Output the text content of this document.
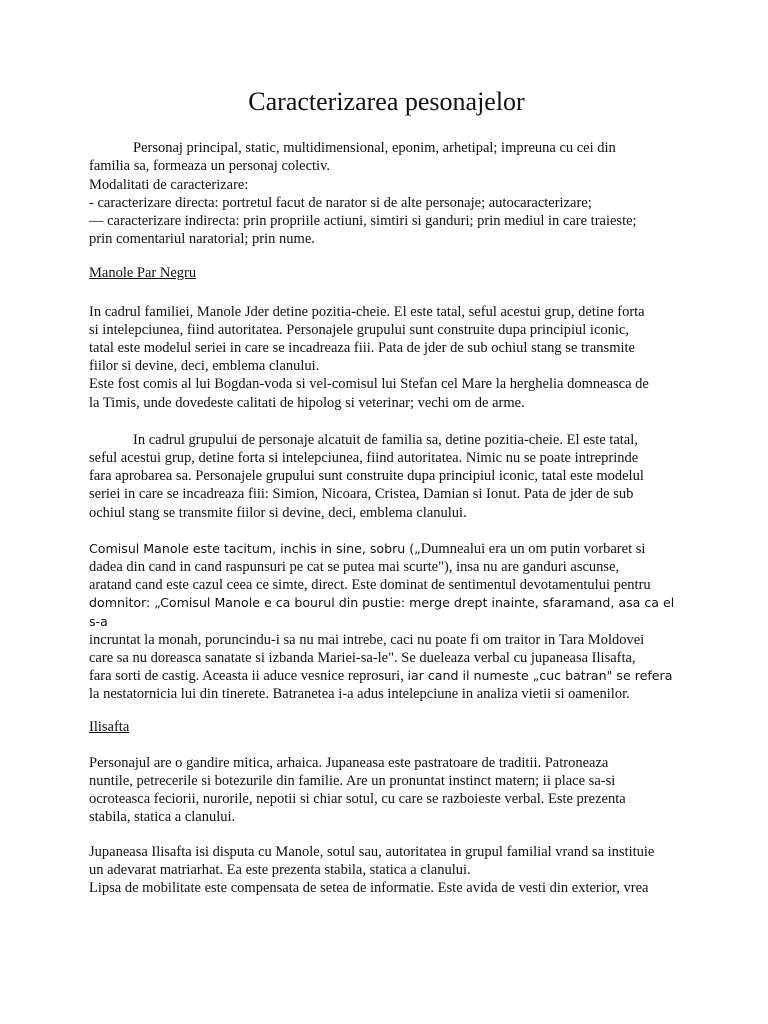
Caracterizarea pesonajelor

Personaj principal, static, multidimensional, eponim, arhetipal; impreuna cu cei din
familia sa, formeaza un personaj colectiv.
Modalitati de caracterizare:
- caracterizare directa: portretul facut de narator si de alte personaje; autocaracterizare;
— caracterizare indirecta: prin propriile actiuni, simtiri si ganduri; prin mediul in care traieste;
prin comentariul naratorial; prin nume.

Manole Par Negru

In cadrul familiei, Manole Jder detine pozitia-cheie. El este tatal, seful acestui grup, detine forta
si intelepciunea, fiind autoritatea. Personajele grupului sunt construite dupa principiul iconic,
tatal este modelul seriei in care se incadreaza fiii. Pata de jder de sub ochiul stang se transmite
fiilor si devine, deci, emblema clanului.
Este fost comis al lui Bogdan-voda si vel-comisul lui Stefan cel Mare la herghelia domneasca de
la Timis, unde dovedeste calitati de hipolog si veterinar; vechi om de arme.

In cadrul grupului de personaje alcatuit de familia sa, detine pozitia-cheie. El este tatal,
seful acestui grup, detine forta si intelepciunea, fiind autoritatea. Nimic nu se poate intreprinde
fara aprobarea sa. Personajele grupului sunt construite dupa principiul iconic, tatal este modelul
seriei in care se incadreaza fiii: Simion, Nicoara, Cristea, Damian si Ionut. Pata de jder de sub
ochiul stang se transmite fiilor si devine, deci, emblema clanului.

Comisul Manole este tacitum, inchis in sine, sobru („Dumnealui era un om putin vorbaret si
dadea din cand in cand raspunsuri pe cat se putea mai scurte"), insa nu are ganduri ascunse,
aratand cand este cazul ceea ce simte, direct. Este dominat de sentimentul devotamentului pentru
domnitor: „Comisul Manole e ca bourul din pustie: merge drept inainte, sfaramand, asa ca el s-a
incruntat la monah, poruncindu-i sa nu mai intrebe, caci nu poate fi om traitor in Tara Moldovei
care sa nu doreasca sanatate si izbanda Mariei-sa-le". Se dueleaza verbal cu jupaneasa Ilisafta,
fara sorti de castig. Aceasta ii aduce vesnice reprosuri, iar cand il numeste „cuc batran" se refera
la nestatornicia lui din tinerete. Batranetea i-a adus intelepciune in analiza vietii si oamenilor.

Ilisafta

Personajul are o gandire mitica, arhaica. Jupaneasa este pastratoare de traditii. Patroneaza
nuntile, petrecerile si botezurile din familie. Are un pronuntat instinct matern; ii place sa-si
ocroteasca feciorii, nurorile, nepotii si chiar sotul, cu care se razboieste verbal. Este prezenta
stabila, statica a clanului.

Jupaneasa Ilisafta isi disputa cu Manole, sotul sau, autoritatea in grupul familial vrand sa instituie
un adevarat matriarhat. Ea este prezenta stabila, statica a clanului.
Lipsa de mobilitate este compensata de setea de informatie. Este avida de vesti din exterior, vrea
